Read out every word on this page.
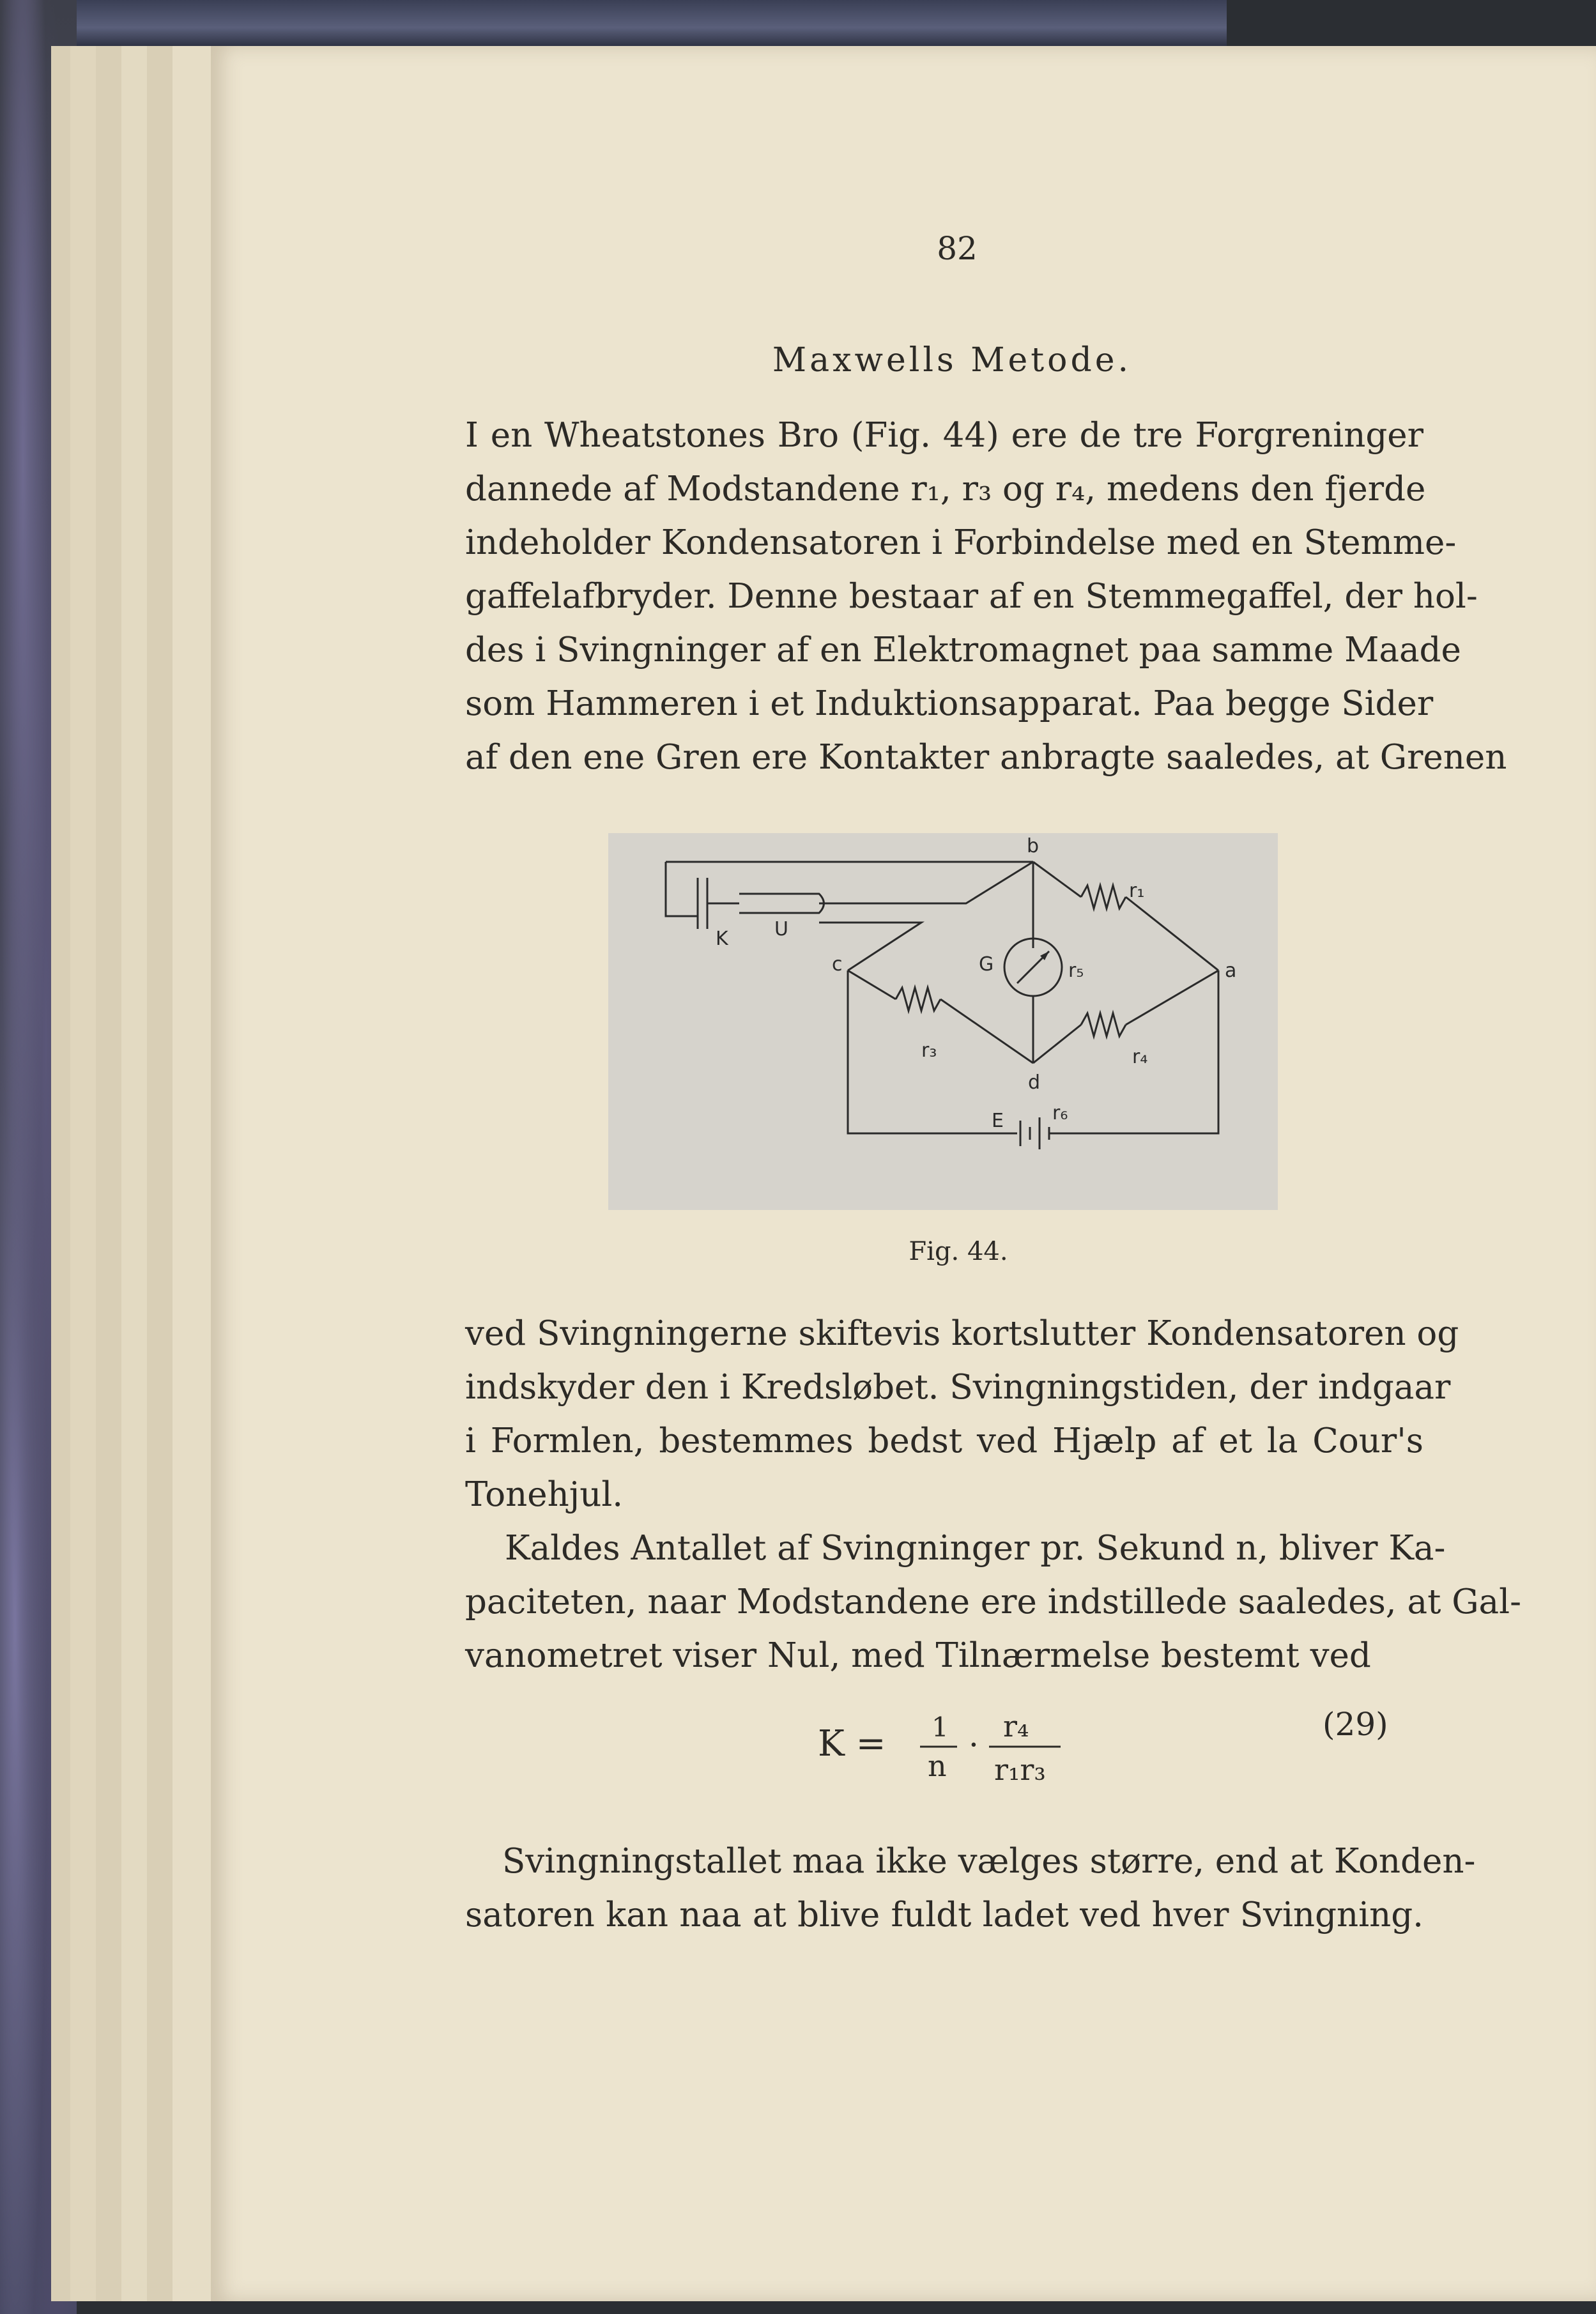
82
Maxwells Metode.
I en Wheatstones Bro (Fig. 44) ere de tre Forgreninger
dannede af Modstandene r₁, r₃ og r₄, medens den fjerde
indeholder Kondensatoren i Forbindelse med en Stemme-
gaffelafbryder. Denne bestaar af en Stemmegaffel, der hol-
des i Svingninger af en Elektromagnet paa samme Maade
som Hammeren i et Induktionsapparat. Paa begge Sider
af den ene Gren ere Kontakter anbragte saaledes, at Grenen
b
a
c
d
K U
G
E
r₁
r₃	r₄
r₅
r₆
Fig. 44.
ved Svingningerne skiftevis kortslutter Kondensatoren og
indskyder den i Kredsløbet. Svingningstiden, der indgaar
i Formlen, bestemmes bedst ved Hjælp af et la Cour's
Tonehjul.
Kaldes Antallet af Svingninger pr. Sekund n, bliver Ka-
paciteten, naar Modstandene ere indstillede saaledes, at Gal-
vanometret viser Nul, med Tilnærmelse bestemt ved
K = 1
n
· r₄
r₁r₃
(29)
Svingningstallet maa ikke vælges større, end at Konden-
satoren kan naa at blive fuldt ladet ved hver Svingning.
